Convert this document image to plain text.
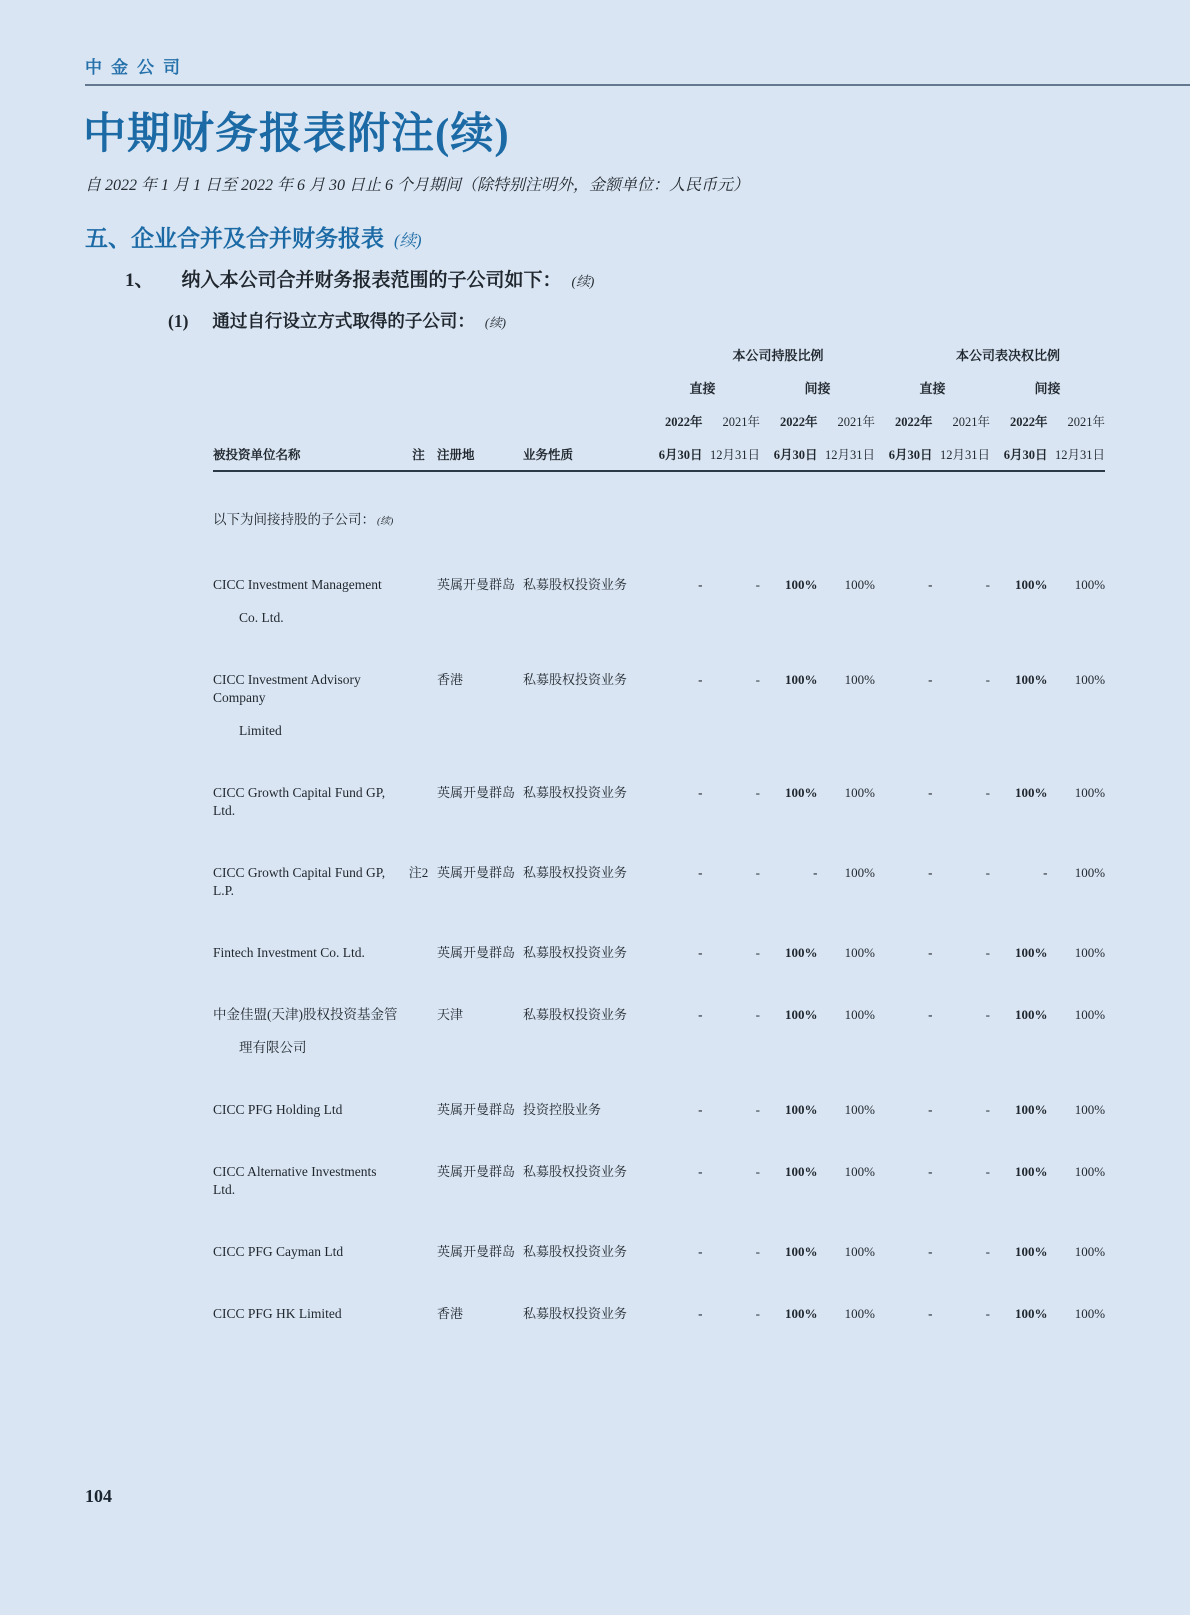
中金公司
中期财务报表附注(续)
自 2022 年 1 月 1 日至 2022 年 6 月 30 日止 6 个月期间（除特别注明外，金额单位：人民币元）
五、企业合并及合并财务报表 (续)
1、 纳入本公司合并财务报表范围的子公司如下： (续)
(1) 通过自行设立方式取得的子公司： (续)
				本公司持股比例				本公司表决权比例			
				直接		间接		直接		间接	
				2022年	2021年	2022年	2021年	2022年	2021年	2022年	2021年
被投资单位名称	注	注册地	业务性质	6月30日	12月31日	6月30日	12月31日	6月30日	12月31日	6月30日	12月31日
以下为间接持股的子公司： (续)											

CICC Investment Management
Co. Ltd.		英属开曼群岛	私募股权投资业务	-	-	100%	100%	-	-	100%	100%

CICC Investment Advisory Company
Limited		香港	私募股权投资业务	-	-	100%	100%	-	-	100%	100%

CICC Growth Capital Fund GP, Ltd.		英属开曼群岛	私募股权投资业务	-	-	100%	100%	-	-	100%	100%

CICC Growth Capital Fund GP, L.P.	注2	英属开曼群岛	私募股权投资业务	-	-	-	100%	-	-	-	100%

Fintech Investment Co. Ltd.		英属开曼群岛	私募股权投资业务	-	-	100%	100%	-	-	100%	100%

中金佳盟(天津)股权投资基金管
理有限公司		天津	私募股权投资业务	-	-	100%	100%	-	-	100%	100%

CICC PFG Holding Ltd		英属开曼群岛	投资控股业务	-	-	100%	100%	-	-	100%	100%

CICC Alternative Investments Ltd.		英属开曼群岛	私募股权投资业务	-	-	100%	100%	-	-	100%	100%

CICC PFG Cayman Ltd		英属开曼群岛	私募股权投资业务	-	-	100%	100%	-	-	100%	100%

CICC PFG HK Limited		香港	私募股权投资业务	-	-	100%	100%	-	-	100%	100%
104
